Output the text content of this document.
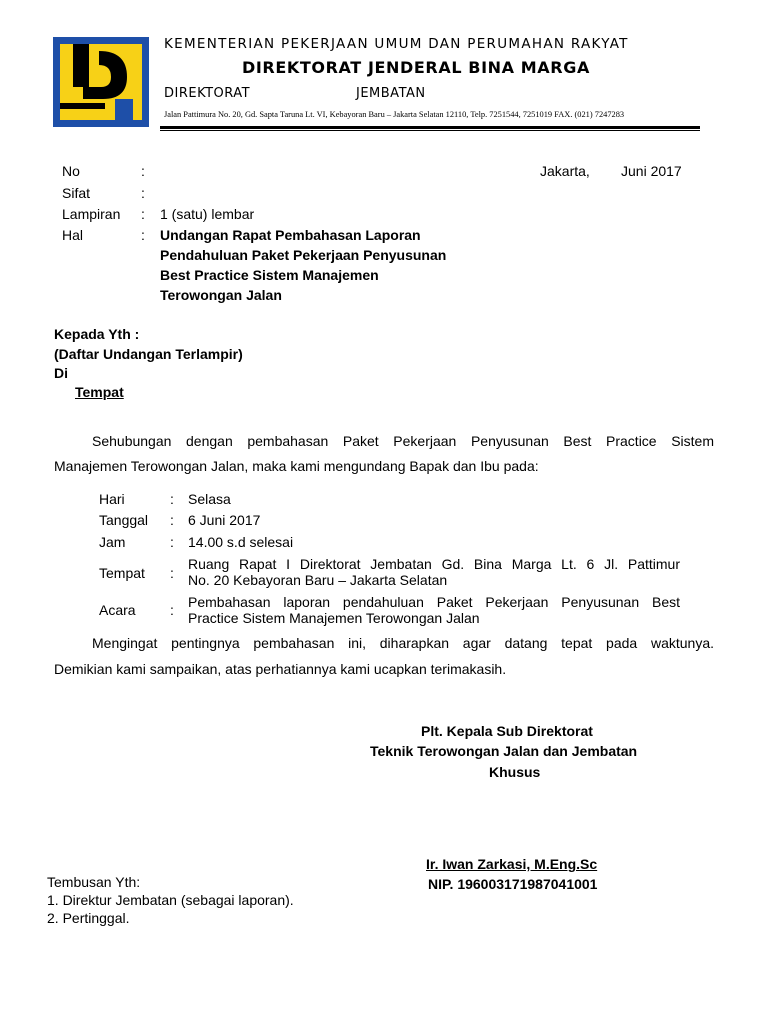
KEMENTERIAN PEKERJAAN UMUM DAN PERUMAHAN RAKYAT
DIREKTORAT JENDERAL BINA MARGA
DIREKTORAT	JEMBATAN
Jalan Pattimura No. 20, Gd. Sapta Taruna Lt. VI, Kebayoran Baru – Jakarta Selatan 12110, Telp. 7251544, 7251019 FAX. (021) 7247283
No	:	Jakarta, Juni 2017
Sifat	:
Lampiran : 1 (satu) lembar
Hal	: Undangan Rapat Pembahasan Laporan
Pendahuluan Paket Pekerjaan Penyusunan
Best Practice Sistem Manajemen
Terowongan Jalan
Kepada Yth :
(Daftar Undangan Terlampir)
Di
Tempat
Sehubungan dengan pembahasan Paket Pekerjaan Penyusunan Best Practice Sistem
Manajemen Terowongan Jalan, maka kami mengundang Bapak dan Ibu pada:
Hari	: Selasa
Tanggal : 6 Juni 2017
Jam	: 14.00 s.d selesai
Tempat :
Ruang Rapat I Direktorat Jembatan Gd. Bina Marga Lt. 6 Jl. Pattimur
No. 20 Kebayoran Baru – Jakarta Selatan
Acara : Pembahasan laporan pendahuluan Paket Pekerjaan Penyusunan Best
Practice Sistem Manajemen Terowongan Jalan
Mengingat pentingnya pembahasan ini, diharapkan agar datang tepat pada waktunya.
Demikian kami sampaikan, atas perhatiannya kami ucapkan terimakasih.
Plt. Kepala Sub Direktorat
Teknik Terowongan Jalan dan Jembatan
Khusus
Ir. Iwan Zarkasi, M.Eng.Sc
NIP. 196003171987041001
Tembusan Yth:
1. Direktur Jembatan (sebagai laporan).
2. Pertinggal.
